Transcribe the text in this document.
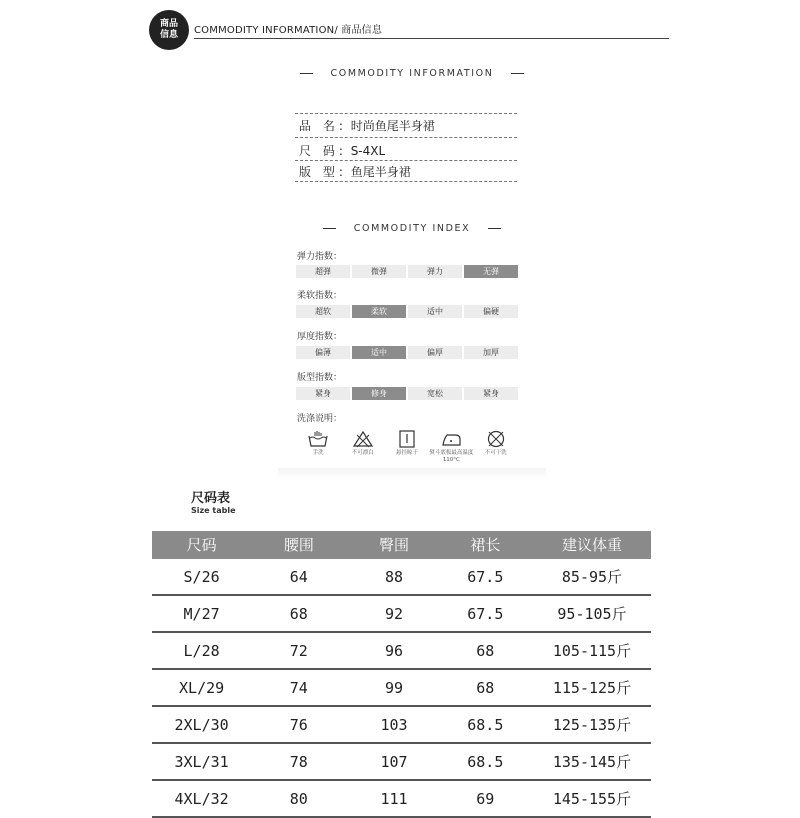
商品信息	COMMODITY INFORMATION/ 商品信息
COMMODITY INFORMATION
品 名: 时尚鱼尾半身裙
尺 码: S-4XL
版 型: 鱼尾半身裙
COMMODITY INDEX
弹力指数：
超弹	微弹	弹力	无弹
柔软指数：
超软	柔软	适中	偏硬
厚度指数：
偏薄	适中	偏厚	加厚
版型指数：
紧身	修身	宽松	紧身
洗涤说明：
手洗	不可漂白	悬挂晾干	熨斗底板最高温度110°C
不可干洗
尺码表
Size table
尺码	腰围	臀围	裙长	建议体重
S/26	64	88	67.5	85-95斤
M/27	68	92	67.5	95-105斤
L/28	72	96	68	105-115斤
XL/29	74	99	68	115-125斤
2XL/30	76	103	68.5	125-135斤
3XL/31	78	107	68.5	135-145斤
4XL/32	80	111	69	145-155斤
